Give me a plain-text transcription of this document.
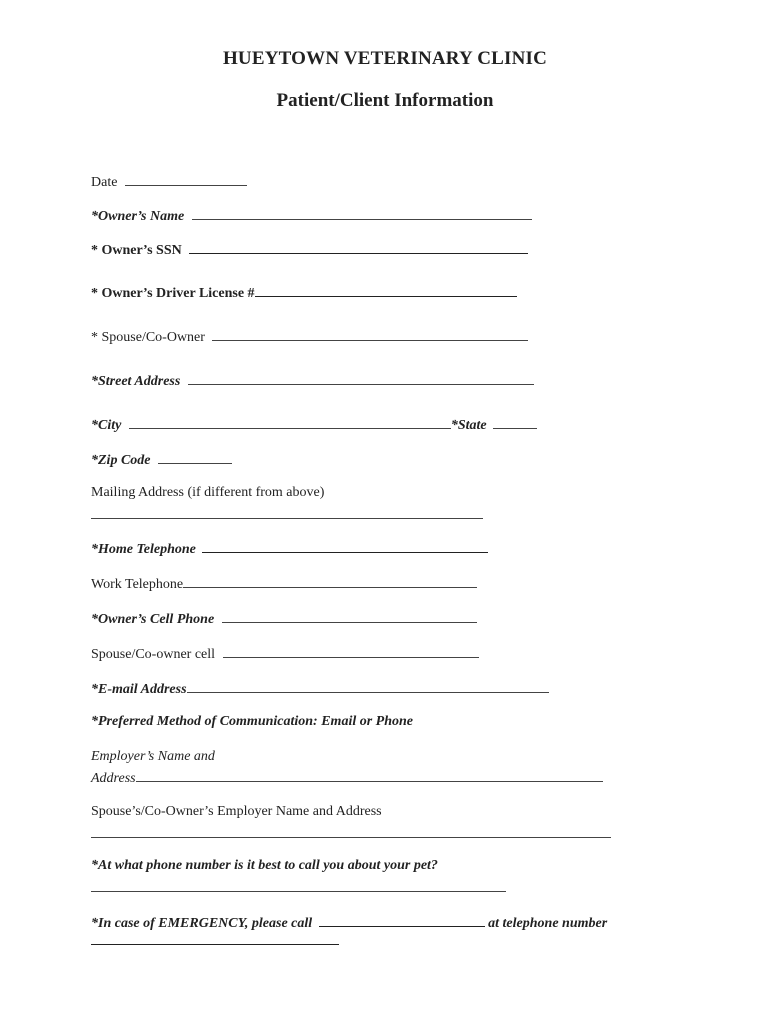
HUEYTOWN VETERINARY CLINIC
Patient/Client Information
Date
*Owner’s Name
* Owner’s SSN
* Owner’s Driver License #
* Spouse/Co-Owner
*Street Address
*City	*State
*Zip Code
Mailing Address (if different from above)
*Home Telephone
Work Telephone
*Owner’s Cell Phone
Spouse/Co-owner cell
*E-mail Address
*Preferred Method of Communication: Email or Phone
Employer’s Name and
Address
Spouse’s/Co-Owner’s Employer Name and Address
*At what phone number is it best to call you about your pet?
*In case of EMERGENCY, please call	at telephone number
